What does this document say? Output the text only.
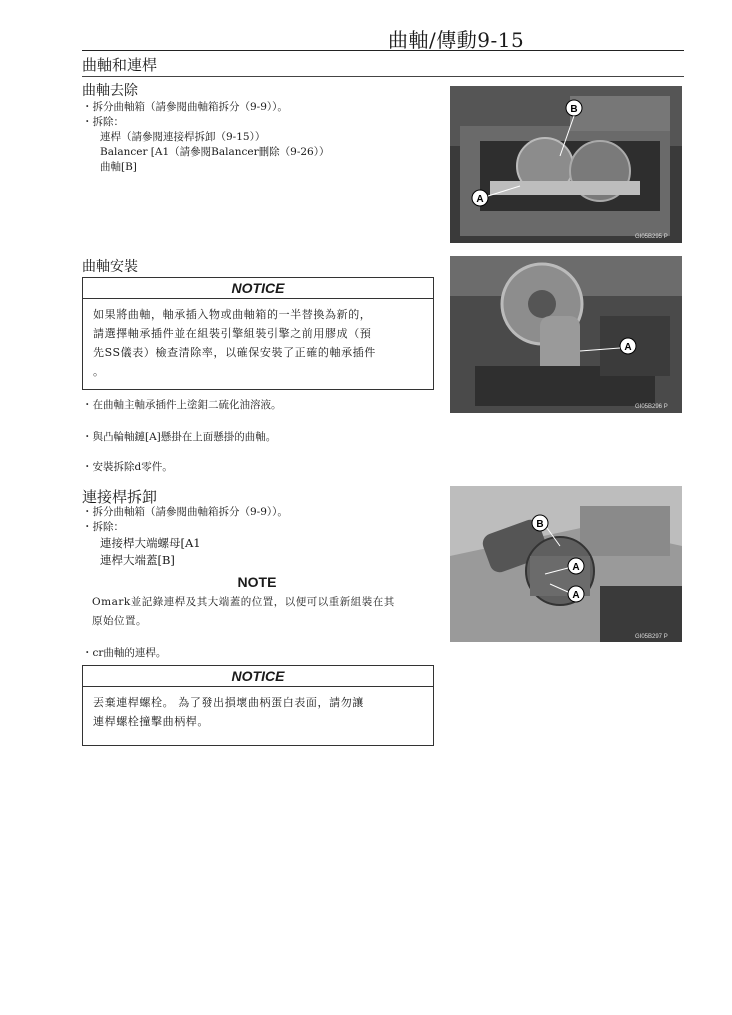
曲軸/傳動9-15
曲軸和連桿
曲軸去除
・拆分曲軸箱（請參閱曲軸箱拆分（9-9））。
・拆除：
連桿（請參閱連接桿拆卸（9-15））
Balancer [A1（請參閱Balancer刪除（9-26））
曲軸[B]
A
B
GI05B295 P
曲軸安裝
NOTICE
如果將曲軸，軸承插入物或曲軸箱的一半替換為新的，
請選擇軸承插件並在組裝引擎組裝引擎之前用膠成（預
先SS儀表）檢查清除率，以確保安裝了正確的軸承插件
。
・在曲軸主軸承插件上塗鉬二硫化油溶液。
・與凸輪軸鏈[A]懸掛在上面懸掛的曲軸。
・安裝拆除d零件。
A
GI05B296 P
連接桿拆卸
・拆分曲軸箱（請參閱曲軸箱拆分（9-9））。
・拆除：
連接桿大端螺母[A1
連桿大端蓋[B]
NOTE
Omark並記錄連桿及其大端蓋的位置，以便可以重新組裝在其
原始位置。
・cr曲軸的連桿。
NOTICE
丟棄連桿螺栓。 為了發出損壞曲柄蛋白表面，請勿讓
連桿螺栓撞擊曲柄桿。
B
A
A
GI05B297 P
